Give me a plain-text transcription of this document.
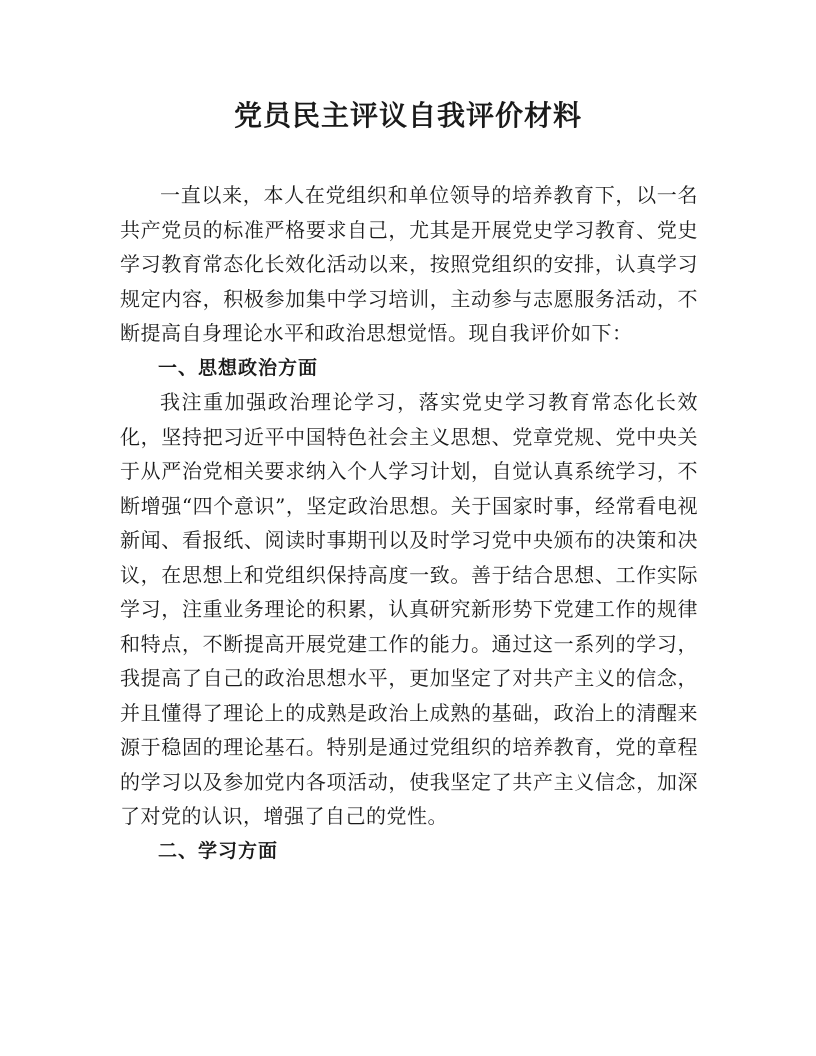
党员民主评议自我评价材料

一直以来，本人在党组织和单位领导的培养教育下，以一名共产党员的标准严格要求自己，尤其是开展党史学习教育、党史学习教育常态化长效化活动以来，按照党组织的安排，认真学习规定内容，积极参加集中学习培训，主动参与志愿服务活动，不断提高自身理论水平和政治思想觉悟。现自我评价如下：

一、思想政治方面

我注重加强政治理论学习，落实党史学习教育常态化长效化，坚持把习近平中国特色社会主义思想、党章党规、党中央关于从严治党相关要求纳入个人学习计划，自觉认真系统学习，不断增强“四个意识”，坚定政治思想。关于国家时事，经常看电视新闻、看报纸、阅读时事期刊以及时学习党中央颁布的决策和决议，在思想上和党组织保持高度一致。善于结合思想、工作实际学习，注重业务理论的积累，认真研究新形势下党建工作的规律和特点，不断提高开展党建工作的能力。通过这一系列的学习，我提高了自己的政治思想水平，更加坚定了对共产主义的信念，并且懂得了理论上的成熟是政治上成熟的基础，政治上的清醒来源于稳固的理论基石。特别是通过党组织的培养教育，党的章程的学习以及参加党内各项活动，使我坚定了共产主义信念，加深了对党的认识，增强了自己的党性。

二、学习方面
